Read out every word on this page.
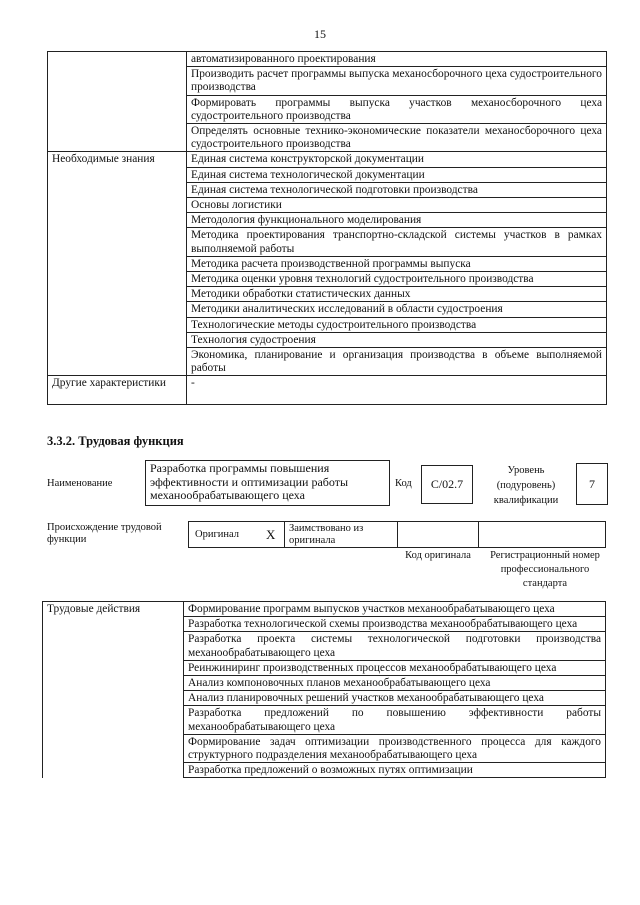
15
	автоматизированного проектирования
	Производить расчет программы выпуска механосборочного цеха судостроительного производства
	Формировать программы выпуска участков механосборочного цеха судостроительного производства
	Определять основные технико-экономические показатели механосборочного цеха судостроительного производства
Необходимые знания	Единая система конструкторской документации
	Единая система технологической документации
	Единая система технологической подготовки производства
	Основы логистики
	Методология функционального моделирования
	Методика проектирования транспортно-складской системы участков в рамках выполняемой работы
	Методика расчета производственной программы выпуска
	Методика оценки уровня технологий судостроительного производства
	Методики обработки статистических данных
	Методики аналитических исследований в области судостроения
	Технологические методы судостроительного производства
	Технология судостроения
	Экономика, планирование и организация производства в объеме выполняемой работы
Другие характеристики	-
3.3.2. Трудовая функция
Наименование
Разработка программы повышения эффективности и оптимизации работы механообрабатывающего цеха
Код	C/02.7
Уровень (подуровень) квалификации
7
Происхождение трудовой функции	Оригинал X	Заимствовано из оригинала
Код оригинала	Регистрационный номер профессионального стандарта
Трудовые действия	Формирование программ выпусков участков механообрабатывающего цеха
	Разработка технологической схемы производства механообрабатывающего цеха
	Разработка проекта системы технологической подготовки производства механообрабатывающего цеха
	Реинжиниринг производственных процессов механообрабатывающего цеха
	Анализ компоновочных планов механообрабатывающего цеха
	Анализ планировочных решений участков механообрабатывающего цеха
	Разработка предложений по повышению эффективности работы механообрабатывающего цеха
	Формирование задач оптимизации производственного процесса для каждого структурного подразделения механообрабатывающего цеха
	Разработка предложений о возможных путях оптимизации
